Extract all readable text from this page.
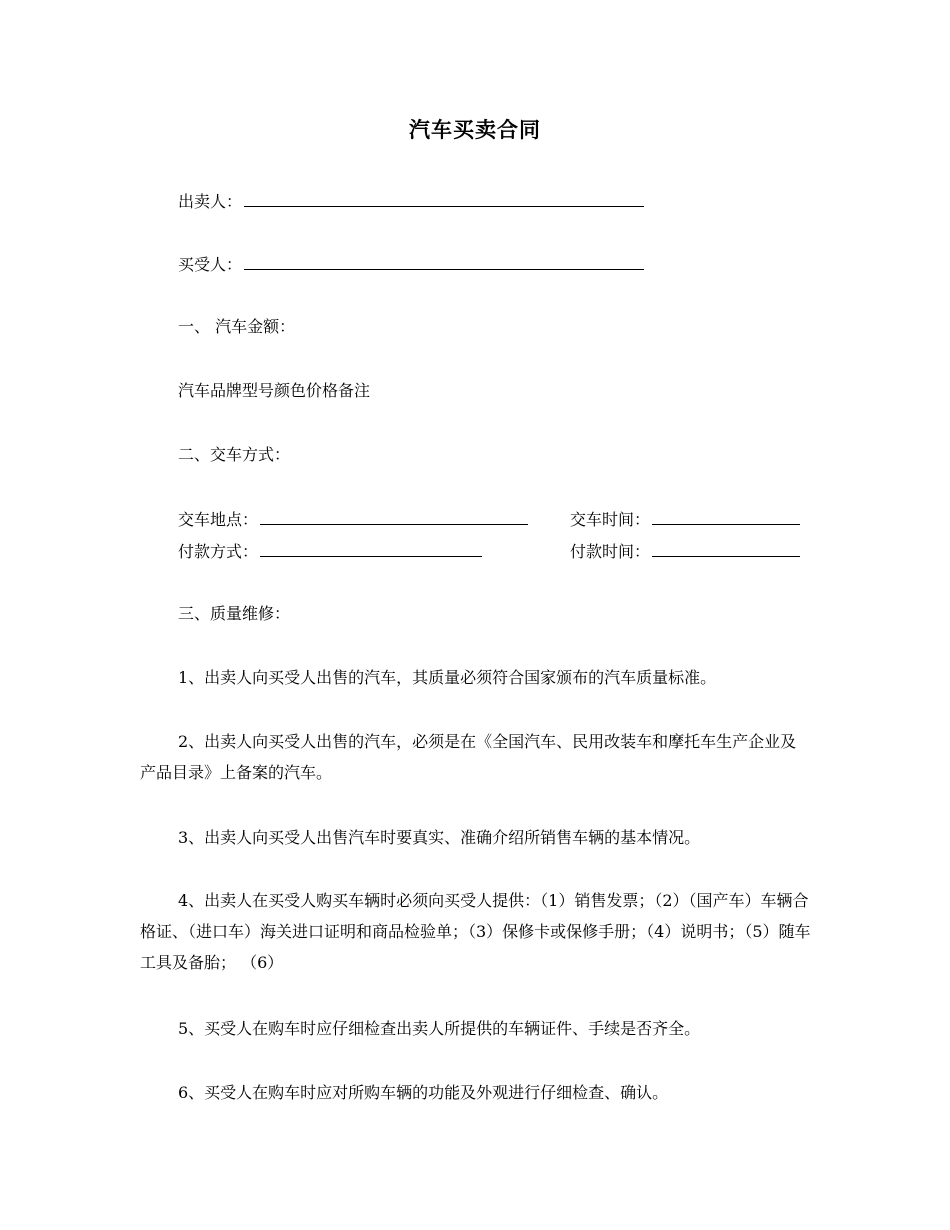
汽车买卖合同
出卖人：
买受人：
一、 汽车金额：
汽车品牌型号颜色价格备注
二、交车方式：
交车地点：	交车时间：
付款方式：	付款时间：
三、质量维修：
1、出卖人向买受人出售的汽车，其质量必须符合国家颁布的汽车质量标准。
2、出卖人向买受人出售的汽车，必须是在《全国汽车、民用改装车和摩托车生产企业及产品目录》上备案的汽车。
3、出卖人向买受人出售汽车时要真实、准确介绍所销售车辆的基本情况。
4、出卖人在买受人购买车辆时必须向买受人提供：（1）销售发票；（2）（国产车）车辆合格证、（进口车）海关进口证明和商品检验单；（3）保修卡或保修手册；（4）说明书；（5）随车工具及备胎； （6）
5、买受人在购车时应仔细检查出卖人所提供的车辆证件、手续是否齐全。
6、买受人在购车时应对所购车辆的功能及外观进行仔细检查、确认。
